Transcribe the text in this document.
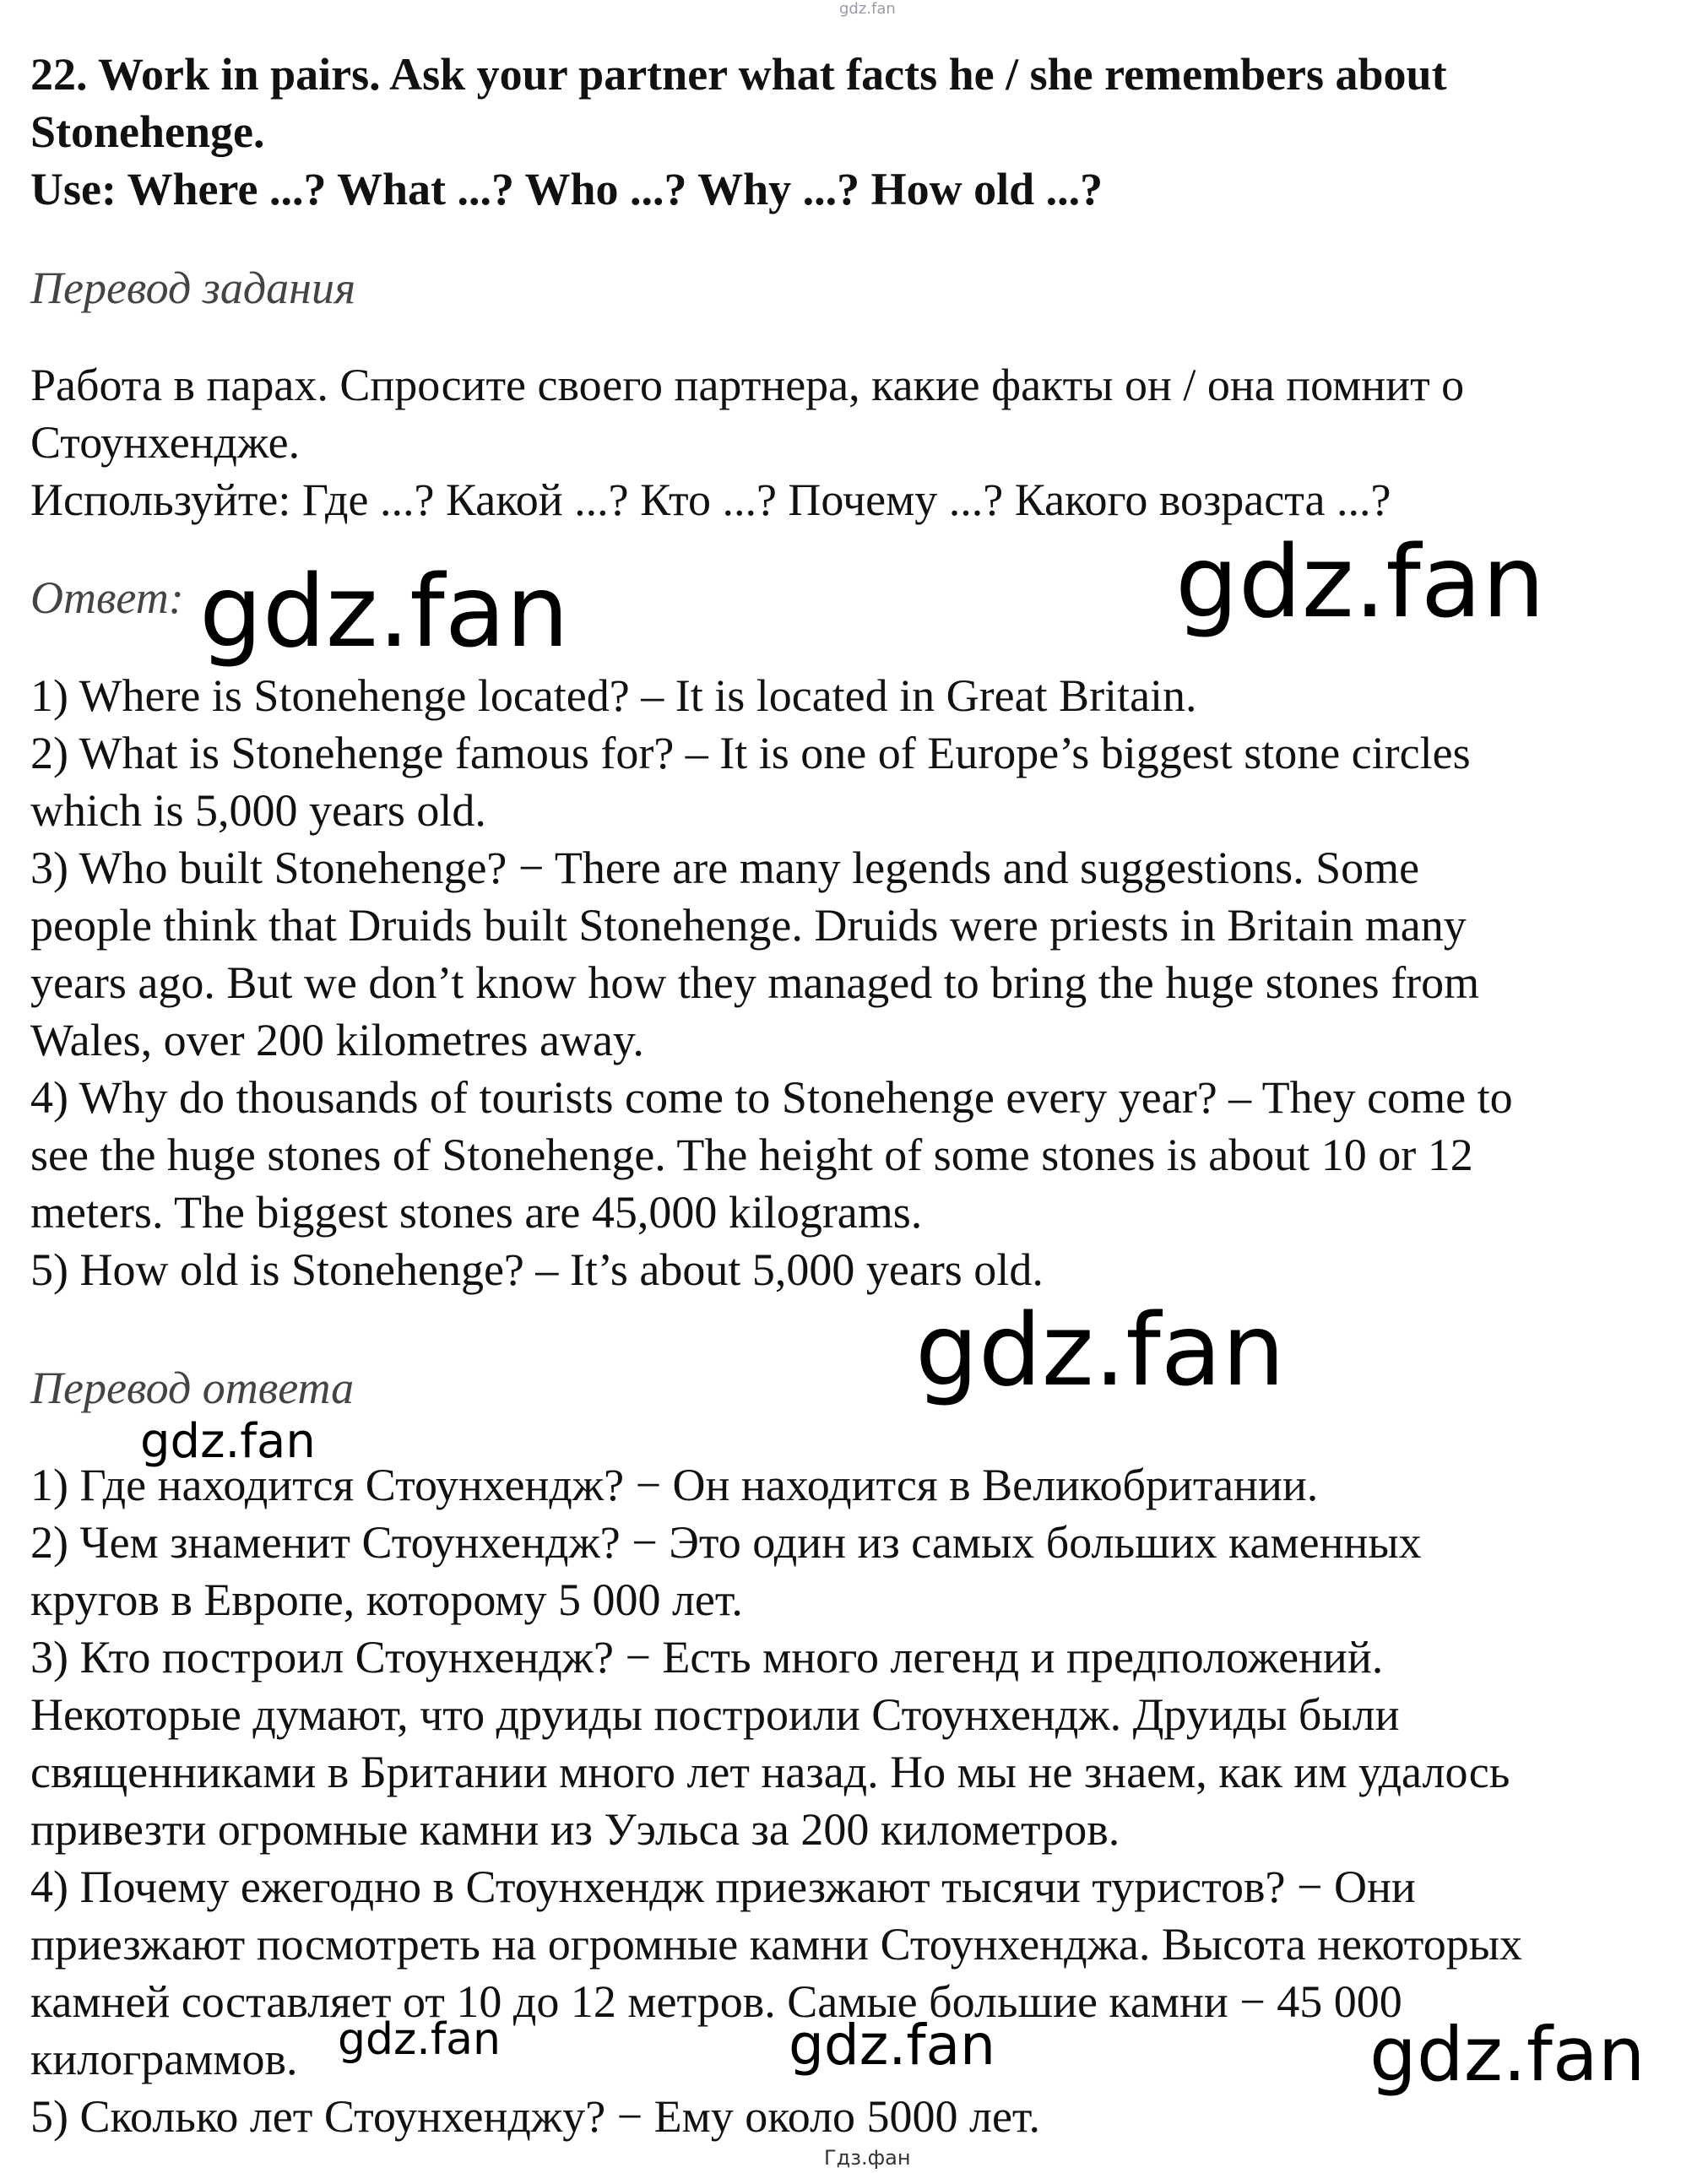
gdz.fan
22. Work in pairs. Ask your partner what facts he / she remembers about
Stonehenge.
Use: Where ...? What ...? Who ...? Why ...? How old ...?
Перевод задания
Работа в парах. Спросите своего партнера, какие факты он / она помнит о
Стоунхендже.
Используйте: Где ...? Какой ...? Кто ...? Почему ...? Какого возраста ...?
Ответ:
1) Where is Stonehenge located? – It is located in Great Britain.
2) What is Stonehenge famous for? – It is one of Europe’s biggest stone circles
which is 5,000 years old.
3) Who built Stonehenge? − There are many legends and suggestions. Some
people think that Druids built Stonehenge. Druids were priests in Britain many
years ago. But we don’t know how they managed to bring the huge stones from
Wales, over 200 kilometres away.
4) Why do thousands of tourists come to Stonehenge every year? – They come to
see the huge stones of Stonehenge. The height of some stones is about 10 or 12
meters. The biggest stones are 45,000 kilograms.
5) How old is Stonehenge? – It’s about 5,000 years old.
Перевод ответа
1) Где находится Стоунхендж? − Он находится в Великобритании.
2) Чем знаменит Стоунхендж? − Это один из самых больших каменных
кругов в Европе, которому 5 000 лет.
3) Кто построил Стоунхендж? − Есть много легенд и предположений.
Некоторые думают, что друиды построили Стоунхендж. Друиды были
священниками в Британии много лет назад. Но мы не знаем, как им удалось
привезти огромные камни из Уэльса за 200 километров.
4) Почему ежегодно в Стоунхендж приезжают тысячи туристов? − Они
приезжают посмотреть на огромные камни Стоунхенджа. Высота некоторых
камней составляет от 10 до 12 метров. Самые большие камни − 45 000
килограммов.
5) Сколько лет Стоунхенджу? − Ему около 5000 лет.
gdz.fan	gdz.fan
gdz.fan
gdz.fan
gdz.fan	gdz.fan	gdz.fan
Гдз.фан
